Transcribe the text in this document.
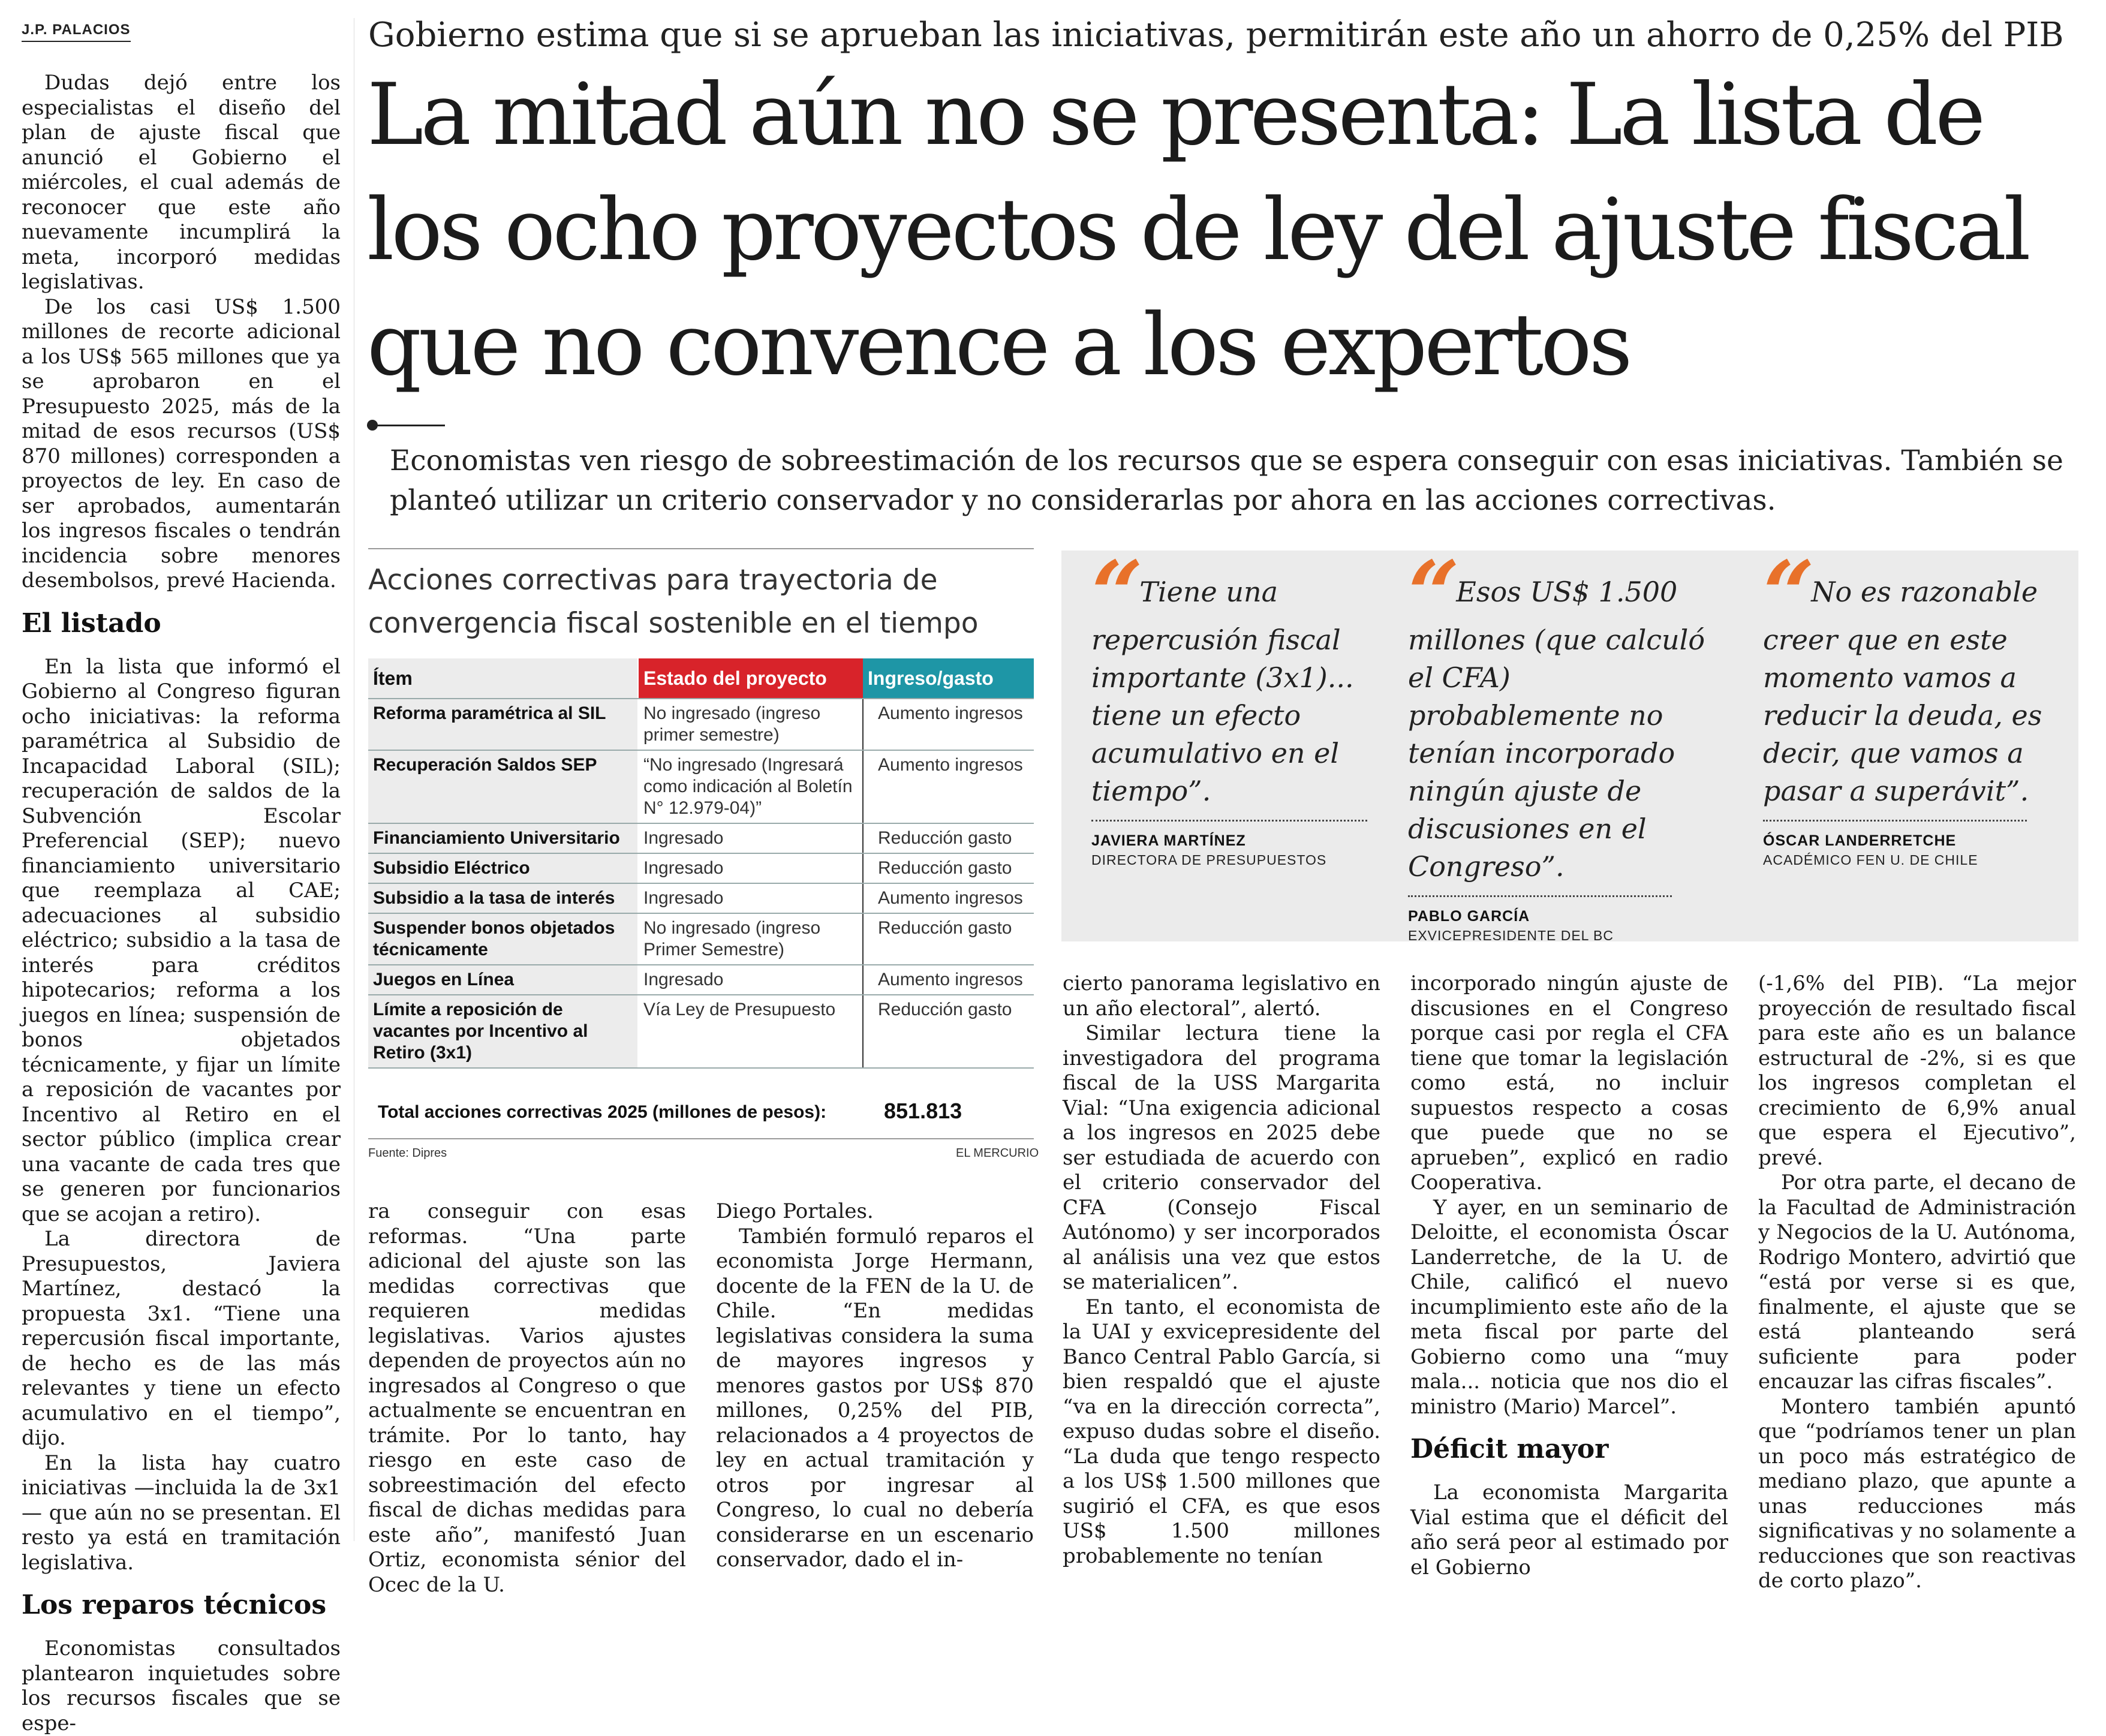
J.P. PALACIOS

Dudas dejó entre los especialistas el diseño del plan de ajuste fiscal que anunció el Gobierno el miércoles, el cual además de reconocer que este año nuevamente incumplirá la meta, incorporó medidas legislativas.

De los casi US$ 1.500 millones de recorte adicional a los US$ 565 millones que ya se aprobaron en el Presupuesto 2025, más de la mitad de esos recursos (US$ 870 millones) corresponden a proyectos de ley. En caso de ser aprobados, aumentarán los ingresos fiscales o tendrán incidencia sobre menores desembolsos, prevé Hacienda.

El listado

En la lista que informó el Gobierno al Congreso figuran ocho iniciativas: la reforma paramétrica al Subsidio de Incapacidad Laboral (SIL); recuperación de saldos de la Subvención Escolar Preferencial (SEP); nuevo financiamiento universitario que reemplaza al CAE; adecuaciones al subsidio eléctrico; subsidio a la tasa de interés para créditos hipotecarios; reforma a los juegos en línea; suspensión de bonos objetados técnicamente, y fijar un límite a reposición de vacantes por Incentivo al Retiro en el sector público (implica crear una vacante de cada tres que se generen por funcionarios que se acojan a retiro).

La directora de Presupuestos, Javiera Martínez, destacó la propuesta 3x1. “Tiene una repercusión fiscal importante, de hecho es de las más relevantes y tiene un efecto acumulativo en el tiempo”, dijo.

En la lista hay cuatro iniciativas —incluida la de 3x1— que aún no se presentan. El resto ya está en tramitación legislativa.

Los reparos técnicos

Economistas consultados plantearon inquietudes sobre los recursos fiscales que se espe-

Gobierno estima que si se aprueban las iniciativas, permitirán este año un ahorro de 0,25% del PIB
La mitad aún no se presenta: La lista de los ocho proyectos de ley del ajuste fiscal que no convence a los expertos
Economistas ven riesgo de sobreestimación de los recursos que se espera conseguir con esas iniciativas. También se planteó utilizar un criterio conservador y no considerarlas por ahora en las acciones correctivas.
Acciones correctivas para trayectoria de convergencia fiscal sostenible en el tiempo
Ítem	Estado del proyecto	Ingreso/gasto
Reforma paramétrica al SIL	No ingresado (ingreso primer semestre)	Aumento ingresos
Recuperación Saldos SEP	“No ingresado (Ingresará como indicación al Boletín N° 12.979-04)”	Aumento ingresos
Financiamiento Universitario	Ingresado	Reducción gasto
Subsidio Eléctrico	Ingresado	Reducción gasto
Subsidio a la tasa de interés	Ingresado	Aumento ingresos
Suspender bonos objetados técnicamente	No ingresado (ingreso Primer Semestre)	Reducción gasto
Juegos en Línea	Ingresado	Aumento ingresos
Límite a reposición de vacantes por Incentivo al Retiro (3x1)	Vía Ley de Presupuesto	Reducción gasto
Total acciones correctivas 2025 (millones de pesos):	851.813
Fuente: Dipres	EL MERCURIO
“ Tiene una repercusión fiscal importante (3x1)... tiene un efecto acumulativo en el tiempo”.
JAVIERA MARTÍNEZ
DIRECTORA DE PRESUPUESTOS
“ Esos US$ 1.500 millones (que calculó el CFA) probablemente no tenían incorporado ningún ajuste de discusiones en el Congreso”.
PABLO GARCÍA
EXVICEPRESIDENTE DEL BC
“ No es razonable creer que en este momento vamos a reducir la deuda, es decir, que vamos a pasar a superávit”.
ÓSCAR LANDERRETCHE
ACADÉMICO FEN U. DE CHILE

ra conseguir con esas reformas. “Una parte adicional del ajuste son las medidas correctivas que requieren medidas legislativas. Varios ajustes dependen de proyectos aún no ingresados al Congreso o que actualmente se encuentran en trámite. Por lo tanto, hay riesgo en este caso de sobreestimación del efecto fiscal de dichas medidas para este año”, manifestó Juan Ortiz, economista sénior del Ocec de la U.

Diego Portales.

También formuló reparos el economista Jorge Hermann, docente de la FEN de la U. de Chile. “En medidas legislativas considera la suma de mayores ingresos y menores gastos por US$ 870 millones, 0,25% del PIB, relacionados a 4 proyectos de ley en actual tramitación y otros por ingresar al Congreso, lo cual no debería considerarse en un escenario conservador, dado el in-

cierto panorama legislativo en un año electoral”, alertó.

Similar lectura tiene la investigadora del programa fiscal de la USS Margarita Vial: “Una exigencia adicional a los ingresos en 2025 debe ser estudiada de acuerdo con el criterio conservador del CFA (Consejo Fiscal Autónomo) y ser incorporados al análisis una vez que estos se materialicen”.

En tanto, el economista de la UAI y exvicepresidente del Banco Central Pablo García, si bien respaldó que el ajuste “va en la dirección correcta”, expuso dudas sobre el diseño. “La duda que tengo respecto a los US$ 1.500 millones que sugirió el CFA, es que esos US$ 1.500 millones probablemente no tenían

incorporado ningún ajuste de discusiones en el Congreso porque casi por regla el CFA tiene que tomar la legislación como está, no incluir supuestos respecto a cosas que puede que no se aprueben”, explicó en radio Cooperativa.

Y ayer, en un seminario de Deloitte, el economista Óscar Landerretche, de la U. de Chile, calificó el nuevo incumplimiento este año de la meta fiscal por parte del Gobierno como una “muy mala... noticia que nos dio el ministro (Mario) Marcel”.

Déficit mayor

La economista Margarita Vial estima que el déficit del año será peor al estimado por el Gobierno

(-1,6% del PIB). “La mejor proyección de resultado fiscal para este año es un balance estructural de -2%, si es que los ingresos completan el crecimiento de 6,9% anual que espera el Ejecutivo”, prevé.

Por otra parte, el decano de la Facultad de Administración y Negocios de la U. Autónoma, Rodrigo Montero, advirtió que “está por verse si es que, finalmente, el ajuste que se está planteando será suficiente para poder encauzar las cifras fiscales”.

Montero también apuntó que “podríamos tener un plan un poco más estratégico de mediano plazo, que apunte a unas reducciones más significativas y no solamente a reducciones que son reactivas de corto plazo”.
